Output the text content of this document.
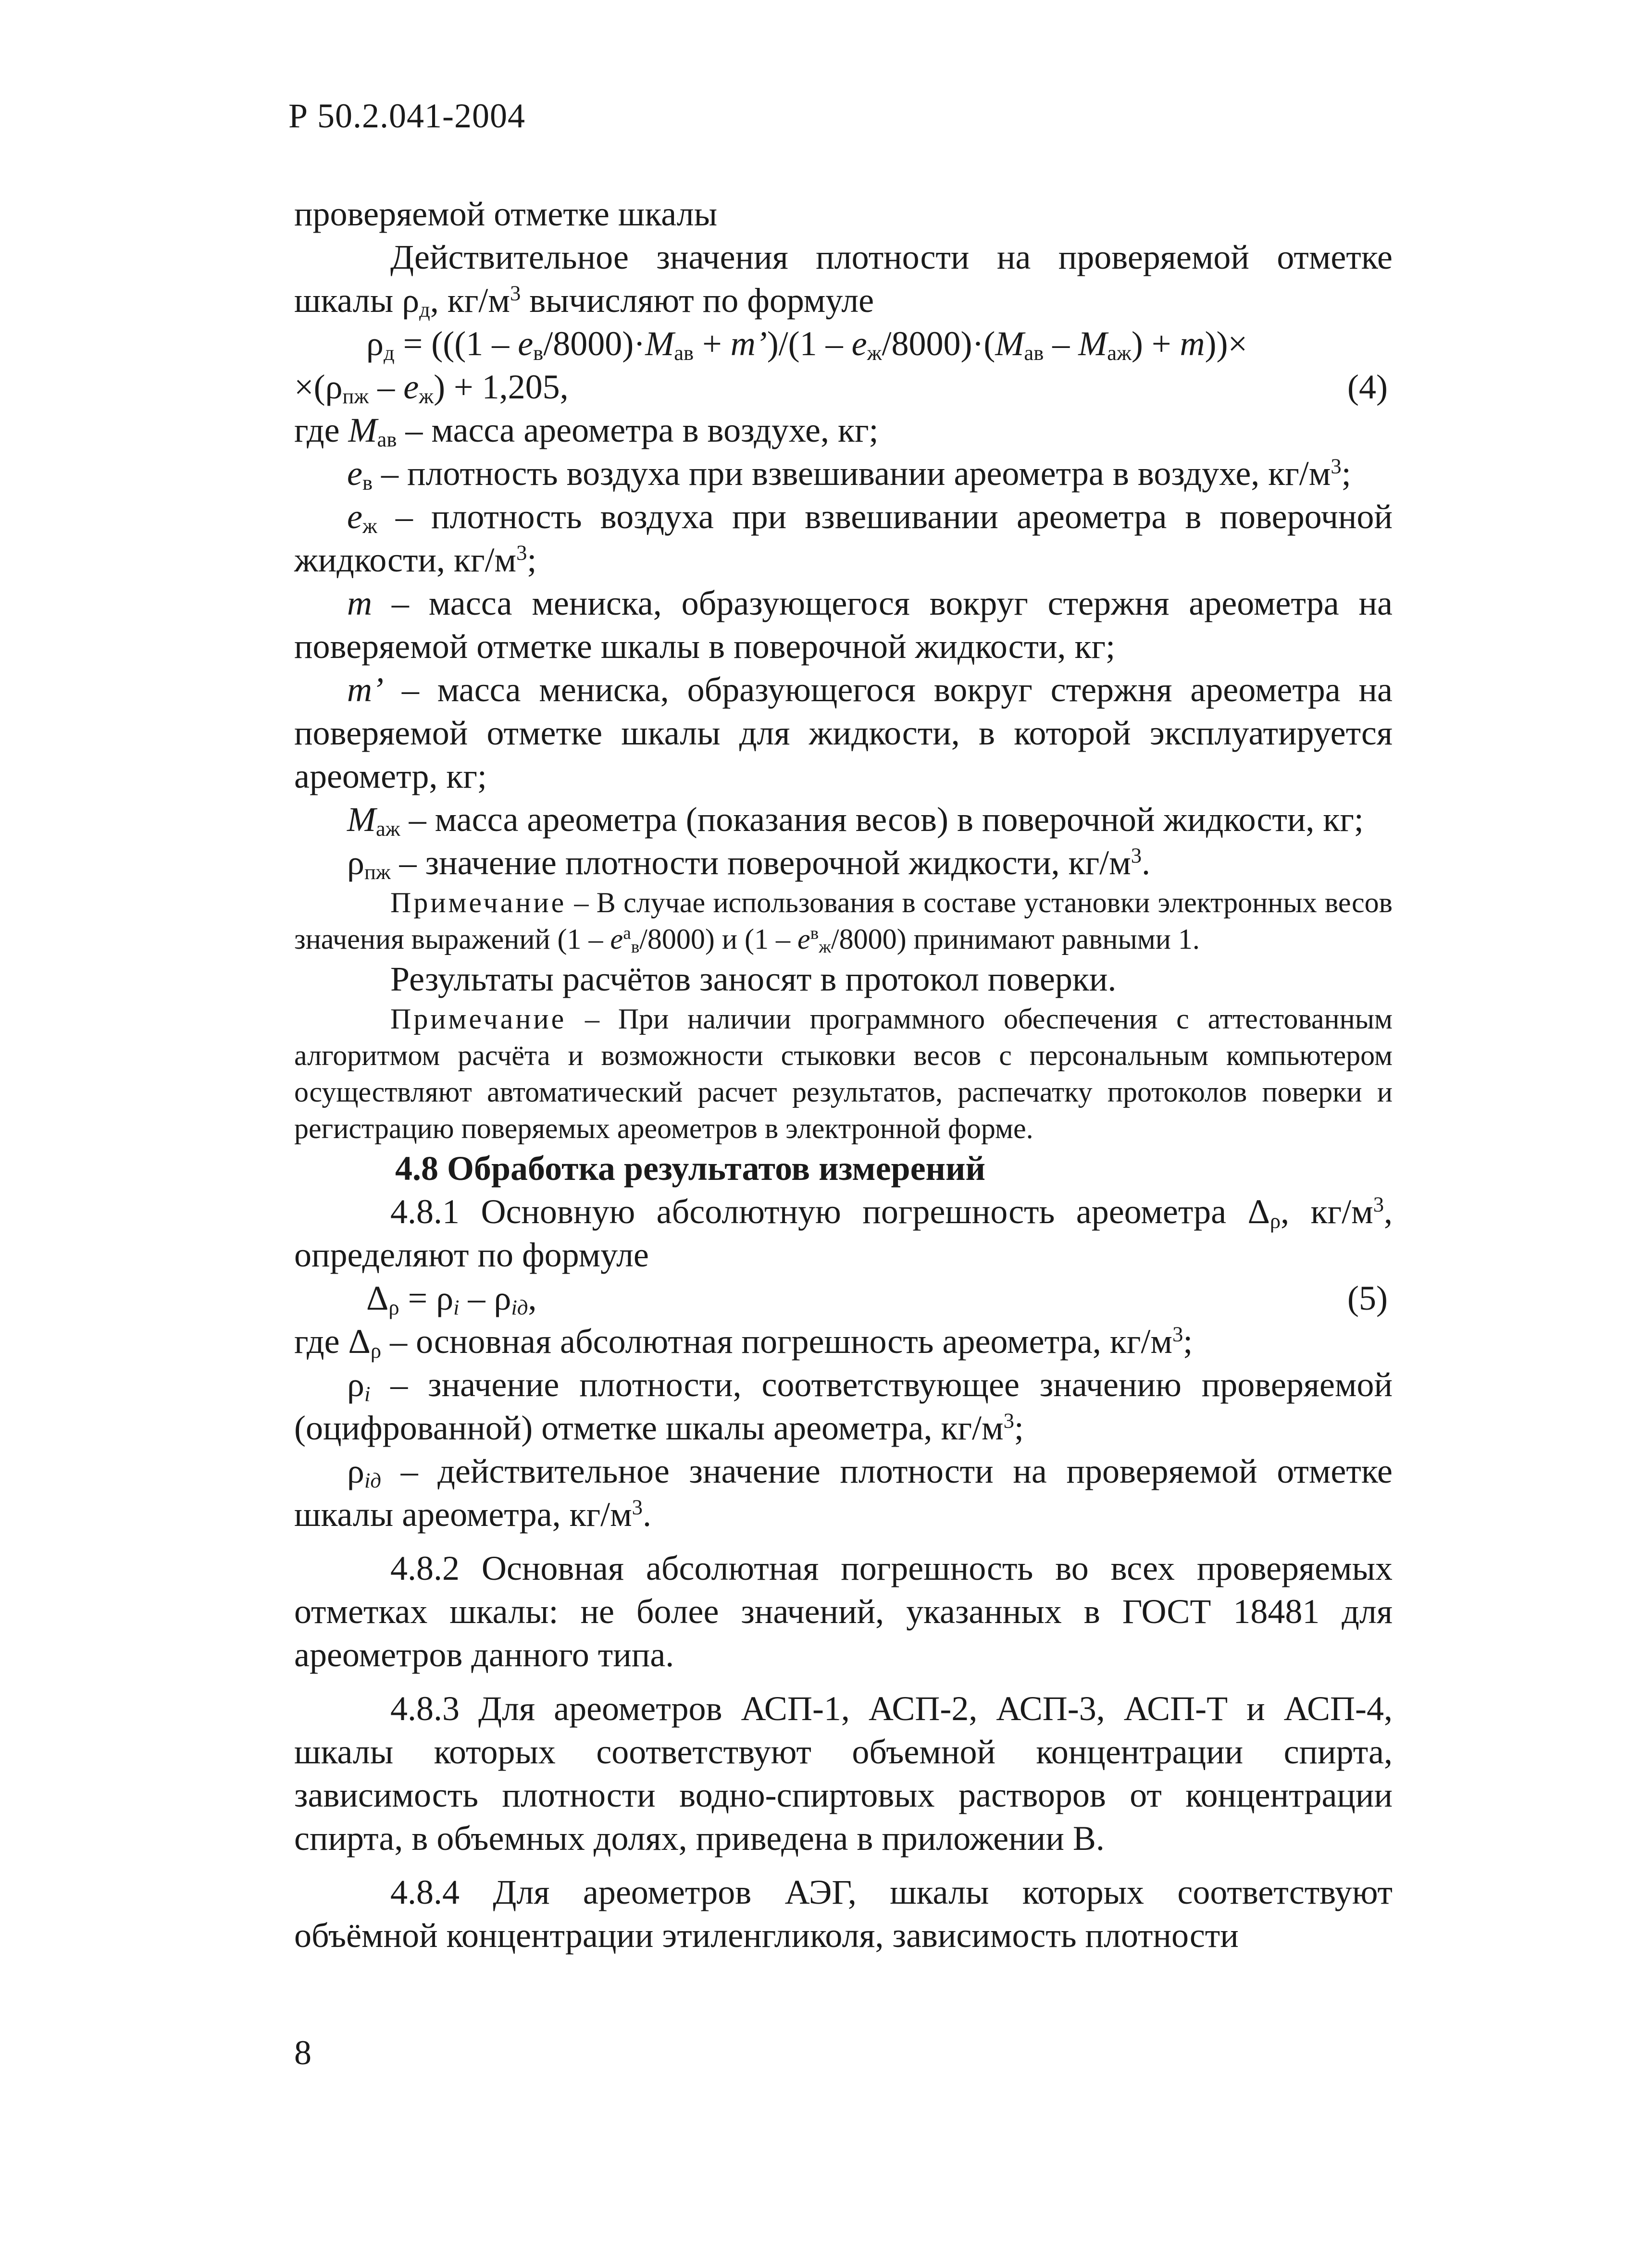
Р 50.2.041-2004

проверяемой отметке шкалы

Действительное значения плотности на проверяемой отметке шкалы $\rho_д$, $кг/м^3$ вычисляют по формуле

$\rho_д = (((1 - e_в/8000)\cdot M_{ав}$ + m’)/(1 – $e_ж/8000)\cdot(M_{ав} - M_{аж}) + m))\times$

$\times(\rho_{пж} - e_ж) + 1,205$,	(4)

где $M_{ав}$ – масса ареометра в воздухе, кг;

$e_в$ – плотность воздуха при взвешивании ареометра в воздухе, $кг/м^3$;

$e_ж$ – плотность воздуха при взвешивании ареометра в поверочной жидкости, $кг/м^3$;

m – масса мениска, образующегося вокруг стержня ареометра на поверяемой отметке шкалы в поверочной жидкости, кг;

m’ – масса мениска, образующегося вокруг стержня ареометра на поверяемой отметке шкалы для жидкости, в которой эксплуатируется ареометр, кг;

$M_{аж}$ – масса ареометра (показания весов) в поверочной жидкости, кг;

$\rho_{пж}$ – значение плотности поверочной жидкости, $кг/м^3$.

Примечание – В случае использования в составе установки электронных весов значения выражений $(1 - e^а_в/8000)$ и $(1 - e^в_ж/8000)$ принимают равными 1.

Результаты расчётов заносят в протокол поверки.

Примечание – При наличии программного обеспечения с аттестованным алгоритмом расчёта и возможности стыковки весов с персональным компьютером осуществляют автоматический расчет результатов, распечатку протоколов поверки и регистрацию поверяемых ареометров в электронной форме.

4.8 Обработка результатов измерений

4.8.1 Основную абсолютную погрешность ареометра $\Delta_\rho$, $кг/м^3$, определяют по формуле

$\Delta_\rho = \rho_i - \rho_{iд}$,	(5)

где $\Delta_\rho$ – основная абсолютная погрешность ареометра, $кг/м^3$;

$\rho_i$ – значение плотности, соответствующее значению проверяемой (оцифрованной) отметке шкалы ареометра, $кг/м^3$;

$\rho_{iд}$ – действительное значение плотности на проверяемой отметке шкалы ареометра, $кг/м^3$.

4.8.2 Основная абсолютная погрешность во всех проверяемых отметках шкалы: не более значений, указанных в ГОСТ 18481 для ареометров данного типа.

4.8.3 Для ареометров АСП-1, АСП-2, АСП-3, АСП-Т и АСП-4, шкалы которых соответствуют объемной концентрации спирта, зависимость плотности водно-спиртовых растворов от концентрации спирта, в объемных долях, приведена в приложении В.

4.8.4 Для ареометров АЭГ, шкалы которых соответствуют объёмной концентрации этиленгликоля, зависимость плотности

8
